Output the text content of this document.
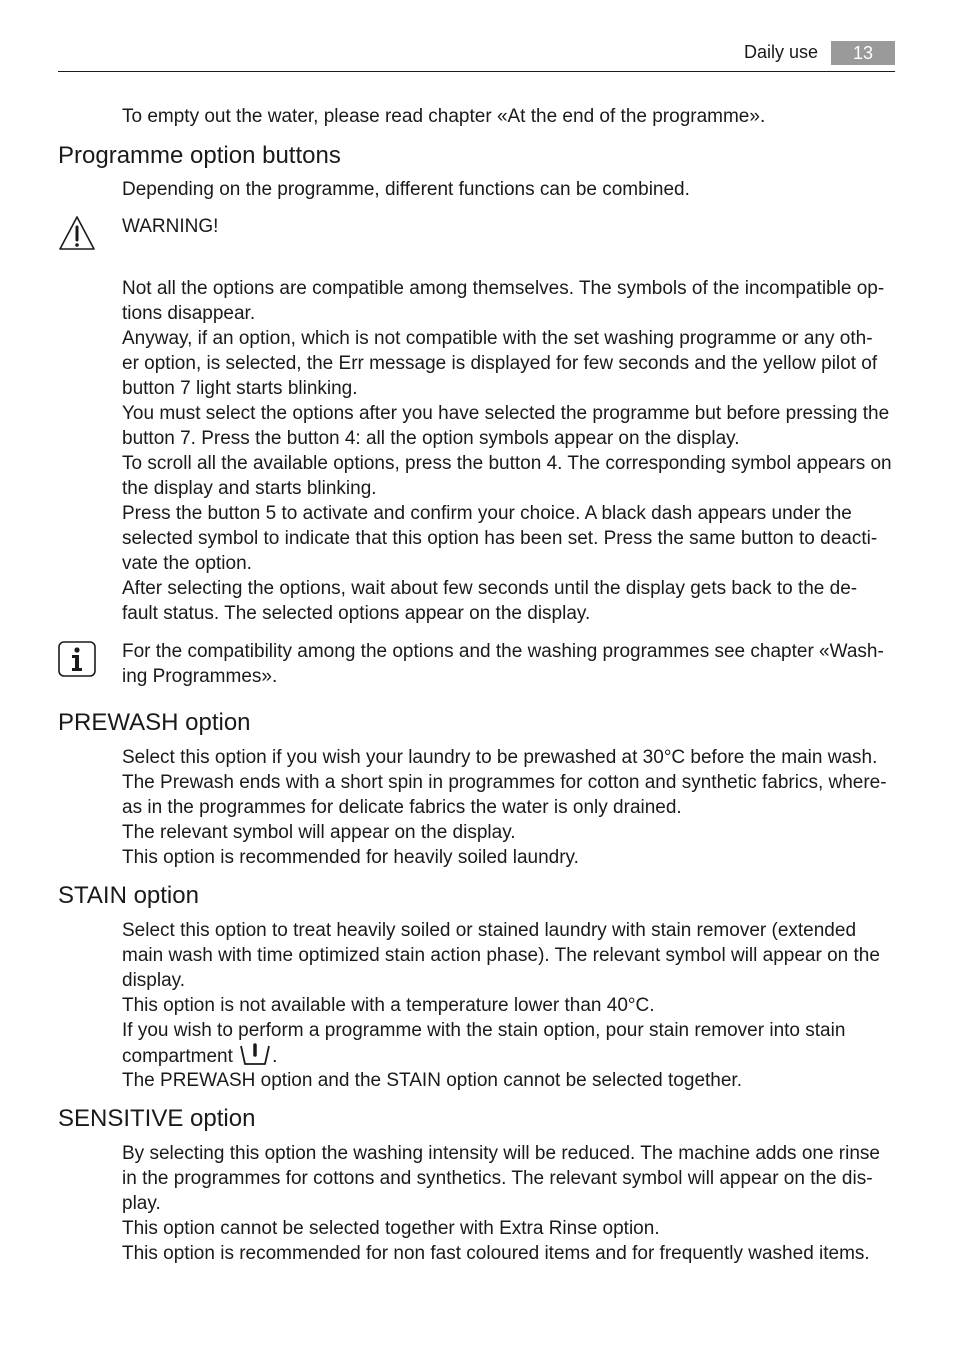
Daily use	13

To empty out the water, please read chapter «At the end of the programme».

Programme option buttons

Depending on the programme, different functions can be combined.

WARNING!

Not all the options are compatible among themselves. The symbols of the incompatible op-

tions disappear.

Anyway, if an option, which is not compatible with the set washing programme or any oth-

er option, is selected, the Err message is displayed for few seconds and the yellow pilot of

button 7 light starts blinking.

You must select the options after you have selected the programme but before pressing the

button 7. Press the button 4: all the option symbols appear on the display.

To scroll all the available options, press the button 4. The corresponding symbol appears on

the display and starts blinking.

Press the button 5 to activate and confirm your choice. A black dash appears under the

selected symbol to indicate that this option has been set. Press the same button to deacti-

vate the option.

After selecting the options, wait about few seconds until the display gets back to the de-

fault status. The selected options appear on the display.

For the compatibility among the options and the washing programmes see chapter «Wash-

ing Programmes».

PREWASH option

Select this option if you wish your laundry to be prewashed at 30°C before the main wash.

The Prewash ends with a short spin in programmes for cotton and synthetic fabrics, where-

as in the programmes for delicate fabrics the water is only drained.

The relevant symbol will appear on the display.

This option is recommended for heavily soiled laundry.

STAIN option

Select this option to treat heavily soiled or stained laundry with stain remover (extended

main wash with time optimized stain action phase). The relevant symbol will appear on the

display.

This option is not available with a temperature lower than 40°C.

If you wish to perform a programme with the stain option, pour stain remover into stain

compartment .

The PREWASH option and the STAIN option cannot be selected together.

SENSITIVE option

By selecting this option the washing intensity will be reduced. The machine adds one rinse

in the programmes for cottons and synthetics. The relevant symbol will appear on the dis-

play.

This option cannot be selected together with Extra Rinse option.

This option is recommended for non fast coloured items and for frequently washed items.
